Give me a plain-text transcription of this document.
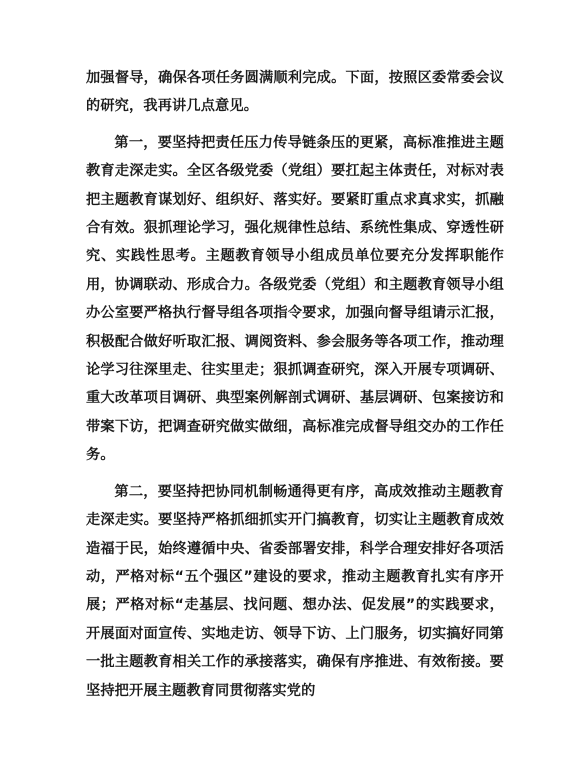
加强督导，确保各项任务圆满顺利完成。下面，按照区委常委会议的研究，我再讲几点意见。

第一，要坚持把责任压力传导链条压的更紧，高标准推进主题教育走深走实。全区各级党委（党组）要扛起主体责任，对标对表把主题教育谋划好、组织好、落实好。要紧盯重点求真求实，抓融合有效。狠抓理论学习，强化规律性总结、系统性集成、穿透性研究、实践性思考。主题教育领导小组成员单位要充分发挥职能作用，协调联动、形成合力。各级党委（党组）和主题教育领导小组办公室要严格执行督导组各项指令要求，加强向督导组请示汇报，积极配合做好听取汇报、调阅资料、参会服务等各项工作，推动理论学习往深里走、往实里走；狠抓调查研究，深入开展专项调研、重大改革项目调研、典型案例解剖式调研、基层调研、包案接访和带案下访，把调查研究做实做细，高标准完成督导组交办的工作任务。

第二，要坚持把协同机制畅通得更有序，高成效推动主题教育走深走实。要坚持严格抓细抓实开门搞教育，切实让主题教育成效造福于民，始终遵循中央、省委部署安排，科学合理安排好各项活动，严格对标“五个强区”建设的要求，推动主题教育扎实有序开展；严格对标“走基层、找问题、想办法、促发展”的实践要求，开展面对面宣传、实地走访、领导下访、上门服务，切实搞好同第一批主题教育相关工作的承接落实，确保有序推进、有效衔接。要坚持把开展主题教育同贯彻落实党的
